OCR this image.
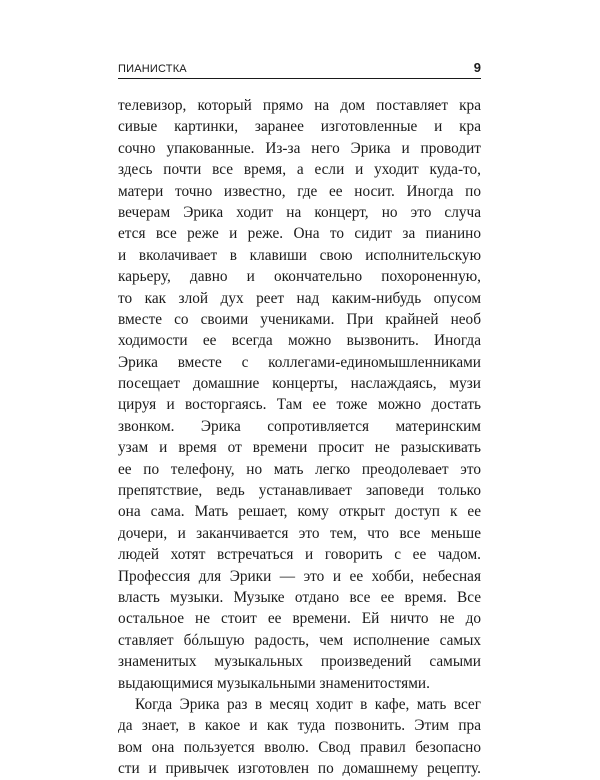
ПИАНИСТКА	9
телевизор, который прямо на дом поставляет кра
сивые картинки, заранее изготовленные и кра
сочно упакованные. Из-за него Эрика и проводит
здесь почти все время, а если и уходит куда-то,
матери точно известно, где ее носит. Иногда по
вечерам Эрика ходит на концерт, но это случа
ется все реже и реже. Она то сидит за пианино
и вколачивает в клавиши свою исполнительскую
карьеру, давно и окончательно похороненную,
то как злой дух реет над каким-нибудь опусом
вместе со своими учениками. При крайней необ
ходимости ее всегда можно вызвонить. Иногда
Эрика вместе с коллегами-единомышленниками
посещает домашние концерты, наслаждаясь, музи
цируя и восторгаясь. Там ее тоже можно достать
звонком. Эрика сопротивляется материнским
узам и время от времени просит не разыскивать
ее по телефону, но мать легко преодолевает это
препятствие, ведь устанавливает заповеди только
она сама. Мать решает, кому открыт доступ к ее
дочери, и заканчивается это тем, что все меньше
людей хотят встречаться и говорить с ее чадом.
Профессия для Эрики — это и ее хобби, небесная
власть музыки. Музыке отдано все ее время. Все
остальное не стоит ее времени. Ей ничто не до
ставляет бóльшую радость, чем исполнение самых
знаменитых музыкальных произведений самыми
выдающимися музыкальными знаменитостями.
Когда Эрика раз в месяц ходит в кафе, мать всег
да знает, в какое и как туда позвонить. Этим пра
вом она пользуется вволю. Свод правил безопасно
сти и привычек изготовлен по домашнему рецепту.
